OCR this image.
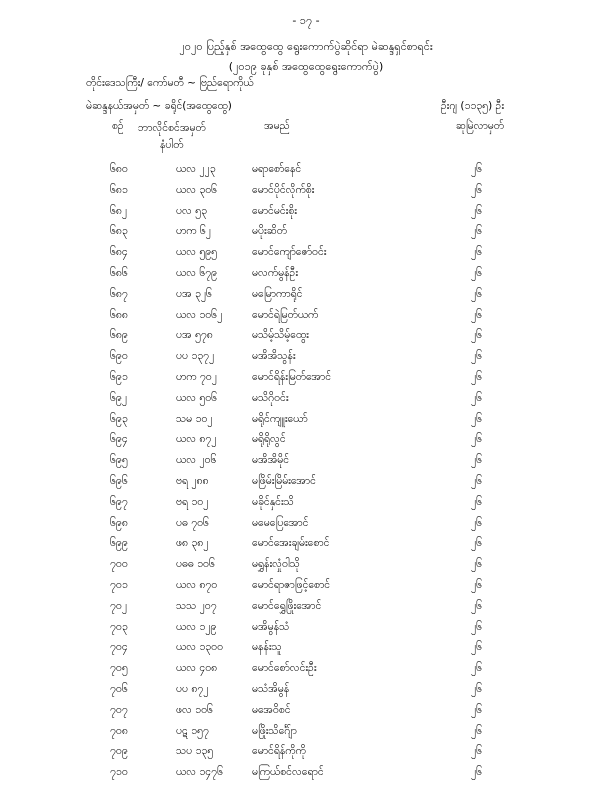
- ၁၇ -
၂၀၂၀ ပြည့်နှစ် အထွေထွေ ရွေးကောက်ပွဲဆိုင်ရာ မဲဆန္ဒရှင်စာရင်း
(၂၀၁၉ ခုနှစ် အထွေထွေရွေးကောက်ပွဲ)
တိုင်းဒေသကြီး/ ကော်မတီ ~ ဗြည်ရောကိုယ်
မဲဆန္ဒနယ်အမှတ် ~ ခရိုင်(အထွေထွေ)	ဦးဂျ (၁၁၃၅) ဦး
စဉ် ဘာလိုင်စင်အမှတ်
နံပါတ်
အမည်	ဆုမြဲလာမှတ်
၆၈၀	ယလ ၂၂၃	မရာစော်နေင်	၂၆
၆၈၁	ယလ ၃၀၆	မောင်ပိုင်လိုက်စိုး	၂၆
၆၈၂	ပလ ၅၃	မောင်မင်းစိုး	၂၆
၆၈၃	ဟက ၆၂	မပိုးဆိတ်	၂၆
၆၈၄	ယလ ၅၉၅	မောင်ကျော်ဇော်ဝင်း	၂၆
၆၈၆	ယလ ၆၇၉	မလက်မွန်ဦး	၂၆
၆၈၇	ပအ ၃၂၆	မမြောကာရိုင်	၂၆
၆၈၈	ယလ ၁၀၆၂	မောင်ရဲမြတ်ယက်	၂၆
၆၈၉	ပအ ၅၇၈	မသိမ့်သိမ့်ထွေး	၂၆
၆၉၀	ပပ ၁၃၇၂	မအိအိသွန်း	၂၆
၆၉၁	ဟက ၇၀၂	မောင်ရိန်းမြတ်အောင်	၂၆
၆၉၂	ယလ ၅၀၆	မသိဂိုဝင်း	၂၆
၆၉၃	သမ ၁၀၂	မရိုင်ကျူးယော်	၂၆
၆၉၄	ယလ ၈၇၂	မရိုရိုလွင်	၂၆
၆၉၅	ယလ ၂၀၆	မအိအိမိုင်	၂၆
၆၉၆	ဗရ ၂၈၈	မဖြိမ်းမြိမ်းအောင်	၂၆
၆၉၇	ဗရ ၁၀၂	မခိုင်နှင်းသိ	၂၆
၆၉၈	ပဓ ၇၀၆	မမေပြေအောင်	၂၆
၆၉၉	ဖ၈ ၃၈၂	မောင်အေးချမ်းစောင်	၂၆
၇၀၀	ပဓဓ ၁၀၆	မရွှန်းလှုံဝါသို	၂၆
၇၀၁	ယလ ၈၇၀	မောင်ရာဇာဖြင့်စောင်	၂၆
၇၀၂	သသ ၂၀၇	မောင်ရွှေဖြိုးအောင်	၂၆
၇၀၃	ယလ ၁၂၉	မအိမွန်သံ	၂၆
၇၀၄	ယလ ၁၃၀၀	မနန်းသူ	၂၆
၇၀၅	ယလ ၄၀၈	မောင်စော်လင်းဦး	၂၆
၇၀၆	ပပ ၈၇၂	မသံအိမွန်	၂၆
၇၀၇	ဖလ ၁၀၆	မအေဝိစင်	၂၆
၇၀၈	ပဋ ၁၅၇	မဖြိုးသိင်္ဂျော်	၂၆
၇၀၉	သပ ၁၃၅	မောင်ရိန်ကိုကို	၂၆
၇၁၀	ယလ ၁၄၇၆	မကြယ်စင်လရောင်	၂၆
